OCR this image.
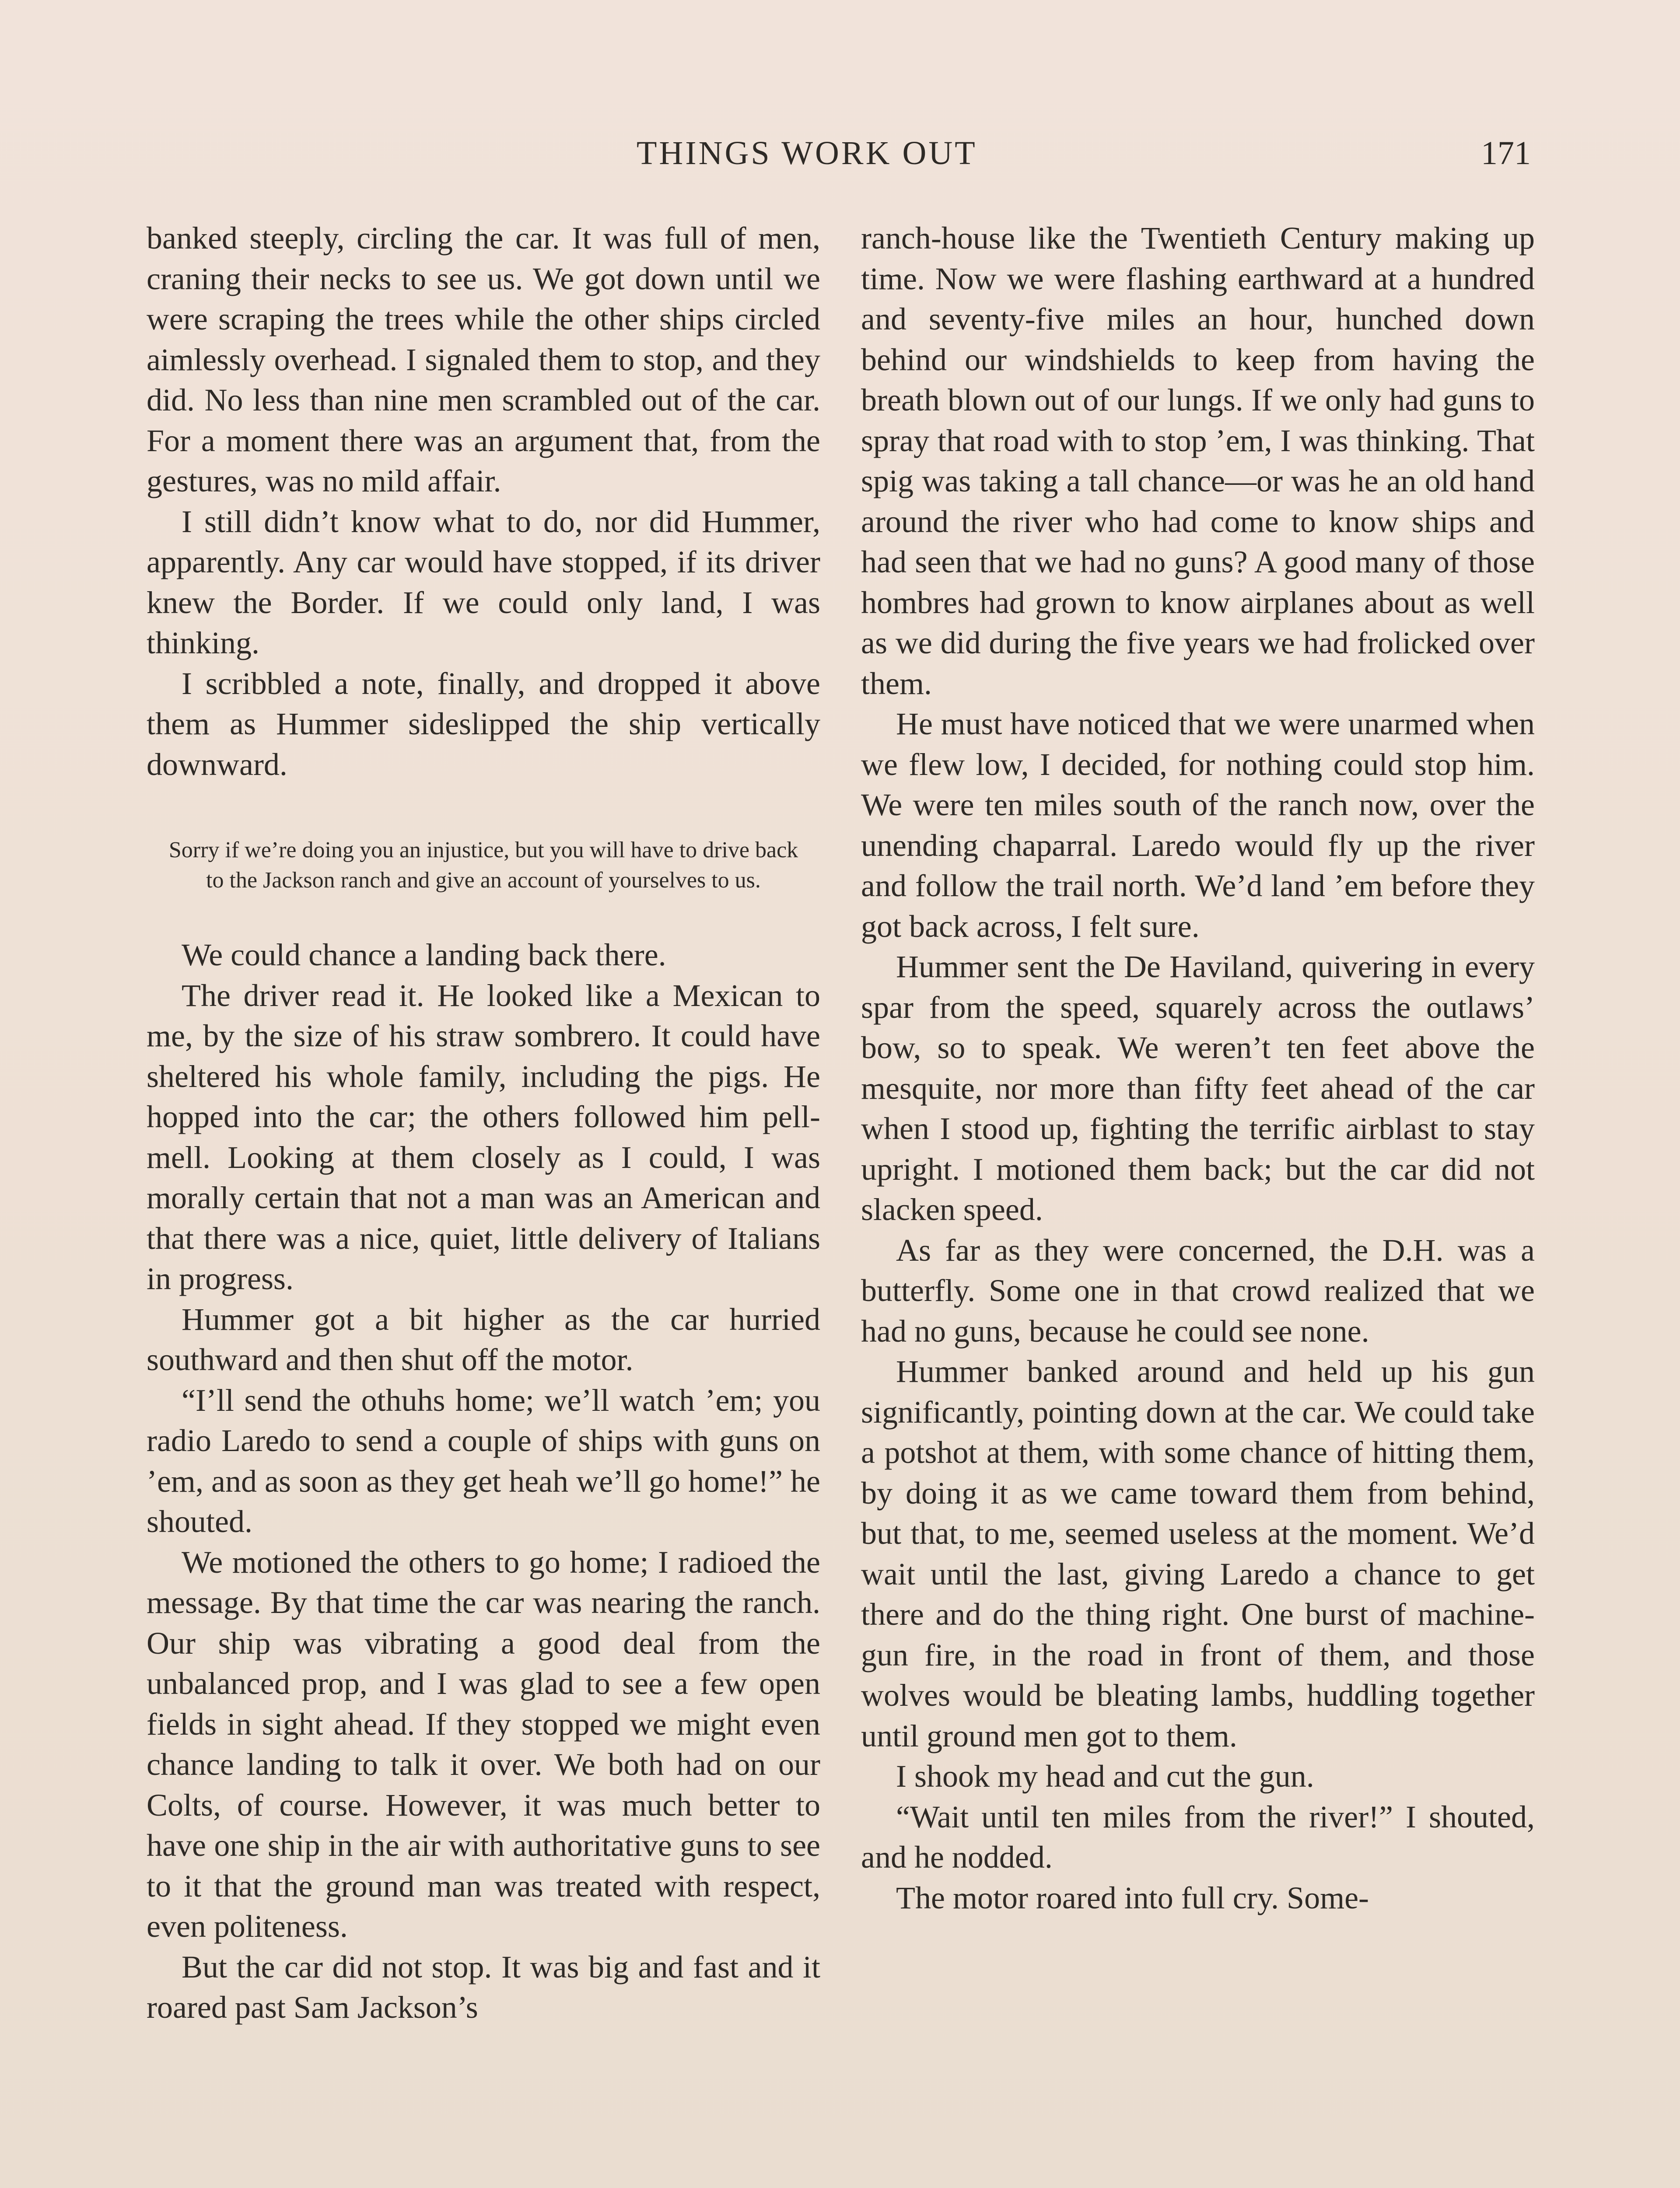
THINGS WORK OUT	171

banked steeply, circling the car. It was full of men, craning their necks to see us. We got down until we were scraping the trees while the other ships circled aimlessly overhead. I signaled them to stop, and they did. No less than nine men scrambled out of the car. For a moment there was an argument that, from the gestures, was no mild affair.

I still didn’t know what to do, nor did Hummer, apparently. Any car would have stopped, if its driver knew the Border. If we could only land, I was thinking.

I scribbled a note, finally, and dropped it above them as Hummer sideslipped the ship vertically downward.

Sorry if we’re doing you an injustice, but you will have to drive back to the Jackson ranch and give an account of yourselves to us.

We could chance a landing back there.

The driver read it. He looked like a Mexican to me, by the size of his straw sombrero. It could have sheltered his whole family, including the pigs. He hopped into the car; the others followed him pell-mell. Looking at them closely as I could, I was morally certain that not a man was an American and that there was a nice, quiet, little delivery of Italians in progress.

Hummer got a bit higher as the car hurried southward and then shut off the motor.

“I’ll send the othuhs home; we’ll watch ’em; you radio Laredo to send a couple of ships with guns on ’em, and as soon as they get heah we’ll go home!” he shouted.

We motioned the others to go home; I radioed the message. By that time the car was nearing the ranch. Our ship was vibrating a good deal from the unbalanced prop, and I was glad to see a few open fields in sight ahead. If they stopped we might even chance landing to talk it over. We both had on our Colts, of course. However, it was much better to have one ship in the air with authoritative guns to see to it that the ground man was treated with respect, even politeness.

But the car did not stop. It was big and fast and it roared past Sam Jackson’s

ranch-house like the Twentieth Century making up time. Now we were flashing earthward at a hundred and seventy-five miles an hour, hunched down behind our windshields to keep from having the breath blown out of our lungs. If we only had guns to spray that road with to stop ’em, I was thinking. That spig was taking a tall chance—or was he an old hand around the river who had come to know ships and had seen that we had no guns? A good many of those hombres had grown to know airplanes about as well as we did during the five years we had frolicked over them.

He must have noticed that we were unarmed when we flew low, I decided, for nothing could stop him. We were ten miles south of the ranch now, over the unending chaparral. Laredo would fly up the river and follow the trail north. We’d land ’em before they got back across, I felt sure.

Hummer sent the De Haviland, quivering in every spar from the speed, squarely across the outlaws’ bow, so to speak. We weren’t ten feet above the mesquite, nor more than fifty feet ahead of the car when I stood up, fighting the terrific airblast to stay upright. I motioned them back; but the car did not slacken speed.

As far as they were concerned, the D.H. was a butterfly. Some one in that crowd realized that we had no guns, because he could see none.

Hummer banked around and held up his gun significantly, pointing down at the car. We could take a potshot at them, with some chance of hitting them, by doing it as we came toward them from behind, but that, to me, seemed useless at the moment. We’d wait until the last, giving Laredo a chance to get there and do the thing right. One burst of machine-gun fire, in the road in front of them, and those wolves would be bleating lambs, huddling together until ground men got to them.

I shook my head and cut the gun.

“Wait until ten miles from the river!” I shouted, and he nodded.

The motor roared into full cry. Some-
